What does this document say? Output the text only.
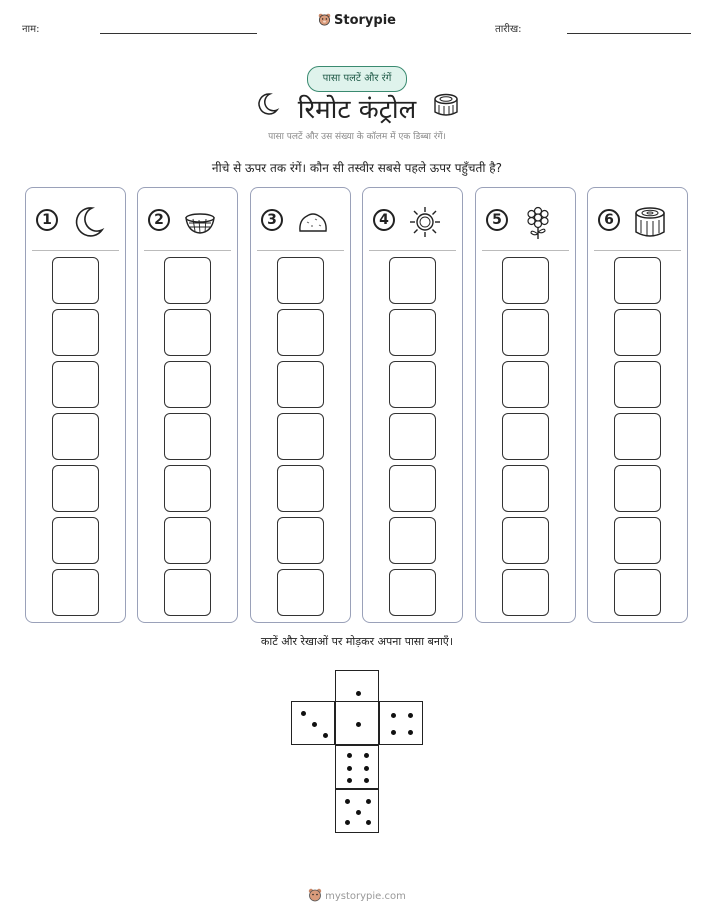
नाम:
Storypie
तारीख:
पासा पलटें और रंगें
रिमोट कंट्रोल
पासा पलटें और उस संख्या के कॉलम में एक डिब्बा रंगें।
नीचे से ऊपर तक रंगें। कौन सी तस्वीर सबसे पहले ऊपर पहुँचती है?
1	2	3	4	5	6
काटें और रेखाओं पर मोड़कर अपना पासा बनाएँ।
mystorypie.com
